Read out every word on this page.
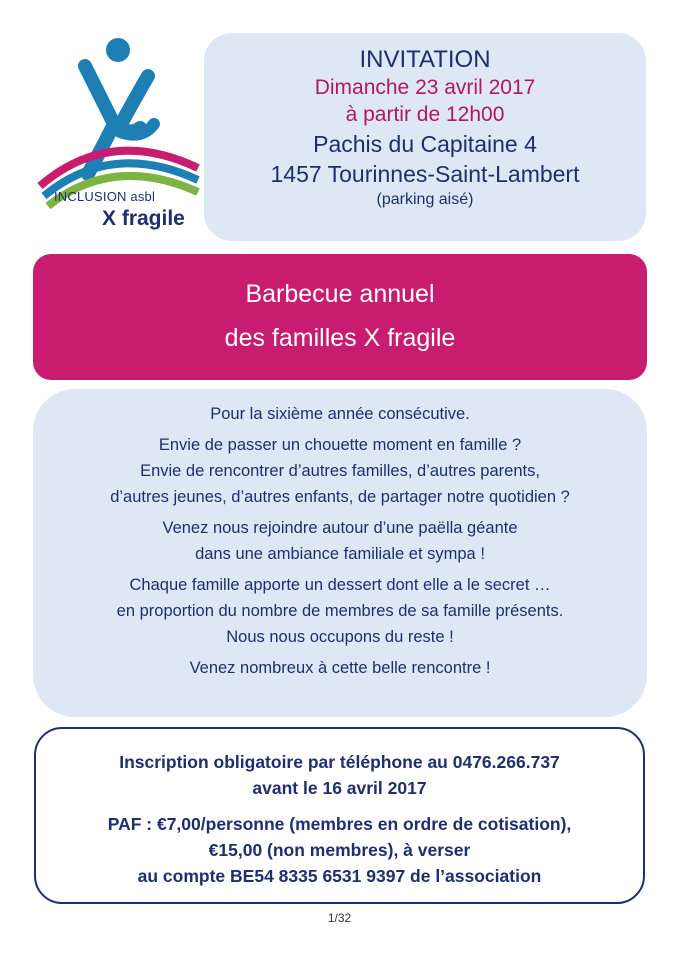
INCLUSION asbl
X fragile
INVITATION
Dimanche 23 avril 2017
à partir de 12h00
Pachis du Capitaine 4
1457 Tourinnes-Saint-Lambert
(parking aisé)
Barbecue annuel
des familles X fragile

Pour la sixième année consécutive.

Envie de passer un chouette moment en famille ?
Envie de rencontrer d’autres familles, d’autres parents,
d’autres jeunes, d’autres enfants, de partager notre quotidien ?

Venez nous rejoindre autour d’une paëlla géante
dans une ambiance familiale et sympa !

Chaque famille apporte un dessert dont elle a le secret …
en proportion du nombre de membres de sa famille présents.
Nous nous occupons du reste !

Venez nombreux à cette belle rencontre !

Inscription obligatoire par téléphone au 0476.266.737
avant le 16 avril 2017

PAF : €7,00/personne (membres en ordre de cotisation),
€15,00 (non membres), à verser
au compte BE54 8335 6531 9397 de l’association

1/32
